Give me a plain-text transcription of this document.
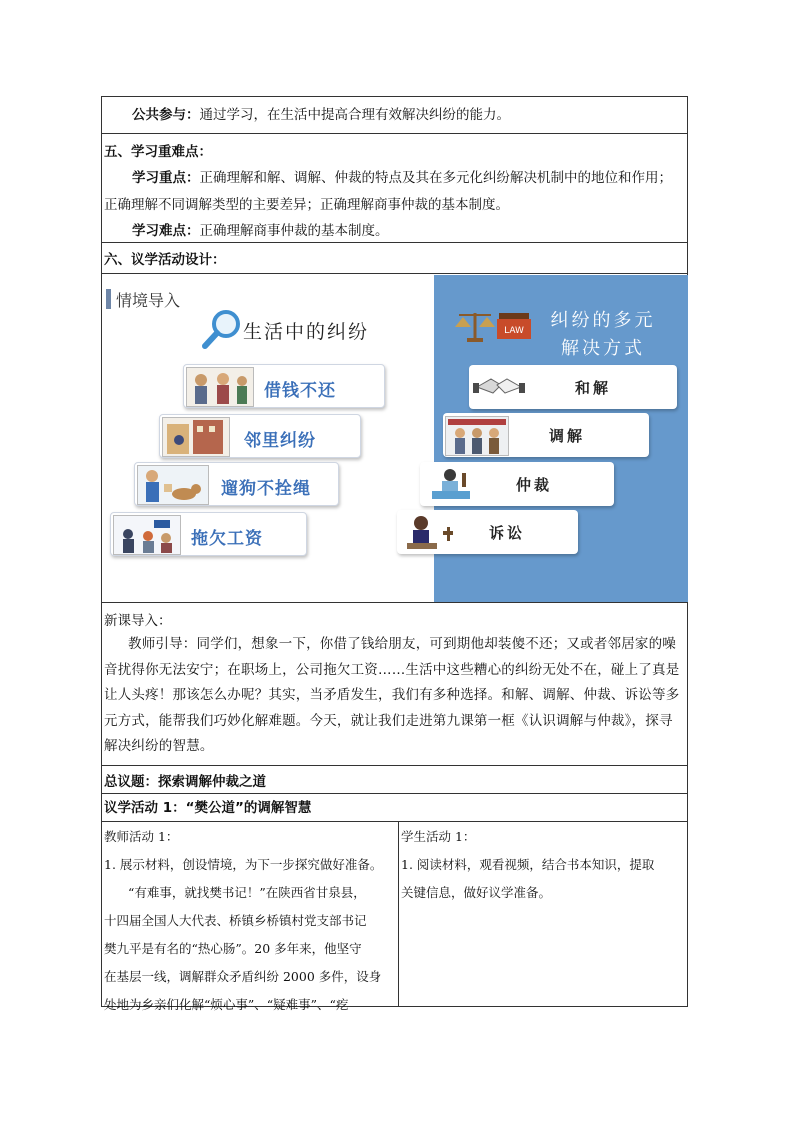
公共参与：通过学习，在生活中提高合理有效解决纠纷的能力。
五、学习重难点：
学习重点：正确理解和解、调解、仲裁的特点及其在多元化纠纷解决机制中的地位和作用；
正确理解不同调解类型的主要差异；正确理解商事仲裁的基本制度。
学习难点：正确理解商事仲裁的基本制度。
六、议学活动设计：
情境导入
生活中的纠纷
借钱不还
邻里纠纷
遛狗不拴绳
拖欠工资
LAW	纠纷的多元
解决方式
和解
调解
仲裁
诉讼
新课导入：
教师引导：同学们，想象一下，你借了钱给朋友，可到期他却装傻不还；又或者邻居家的噪
音扰得你无法安宁；在职场上，公司拖欠工资……生活中这些糟心的纠纷无处不在，碰上了真是
让人头疼！那该怎么办呢？其实，当矛盾发生，我们有多种选择。和解、调解、仲裁、诉讼等多
元方式，能帮我们巧妙化解难题。今天，就让我们走进第九课第一框《认识调解与仲裁》，探寻
解决纠纷的智慧。
总议题：探索调解仲裁之道
议学活动 1：“樊公道”的调解智慧
教师活动 1：
1. 展示材料，创设情境，为下一步探究做好准备。
“有难事，就找樊书记！”在陕西省甘泉县，
十四届全国人大代表、桥镇乡桥镇村党支部书记
樊九平是有名的“热心肠”。20 多年来，他坚守
在基层一线，调解群众矛盾纠纷 2000 多件，设身
处地为乡亲们化解“烦心事”、“疑难事”、“疙
学生活动 1：
1. 阅读材料，观看视频，结合书本知识，提取
关键信息，做好议学准备。
